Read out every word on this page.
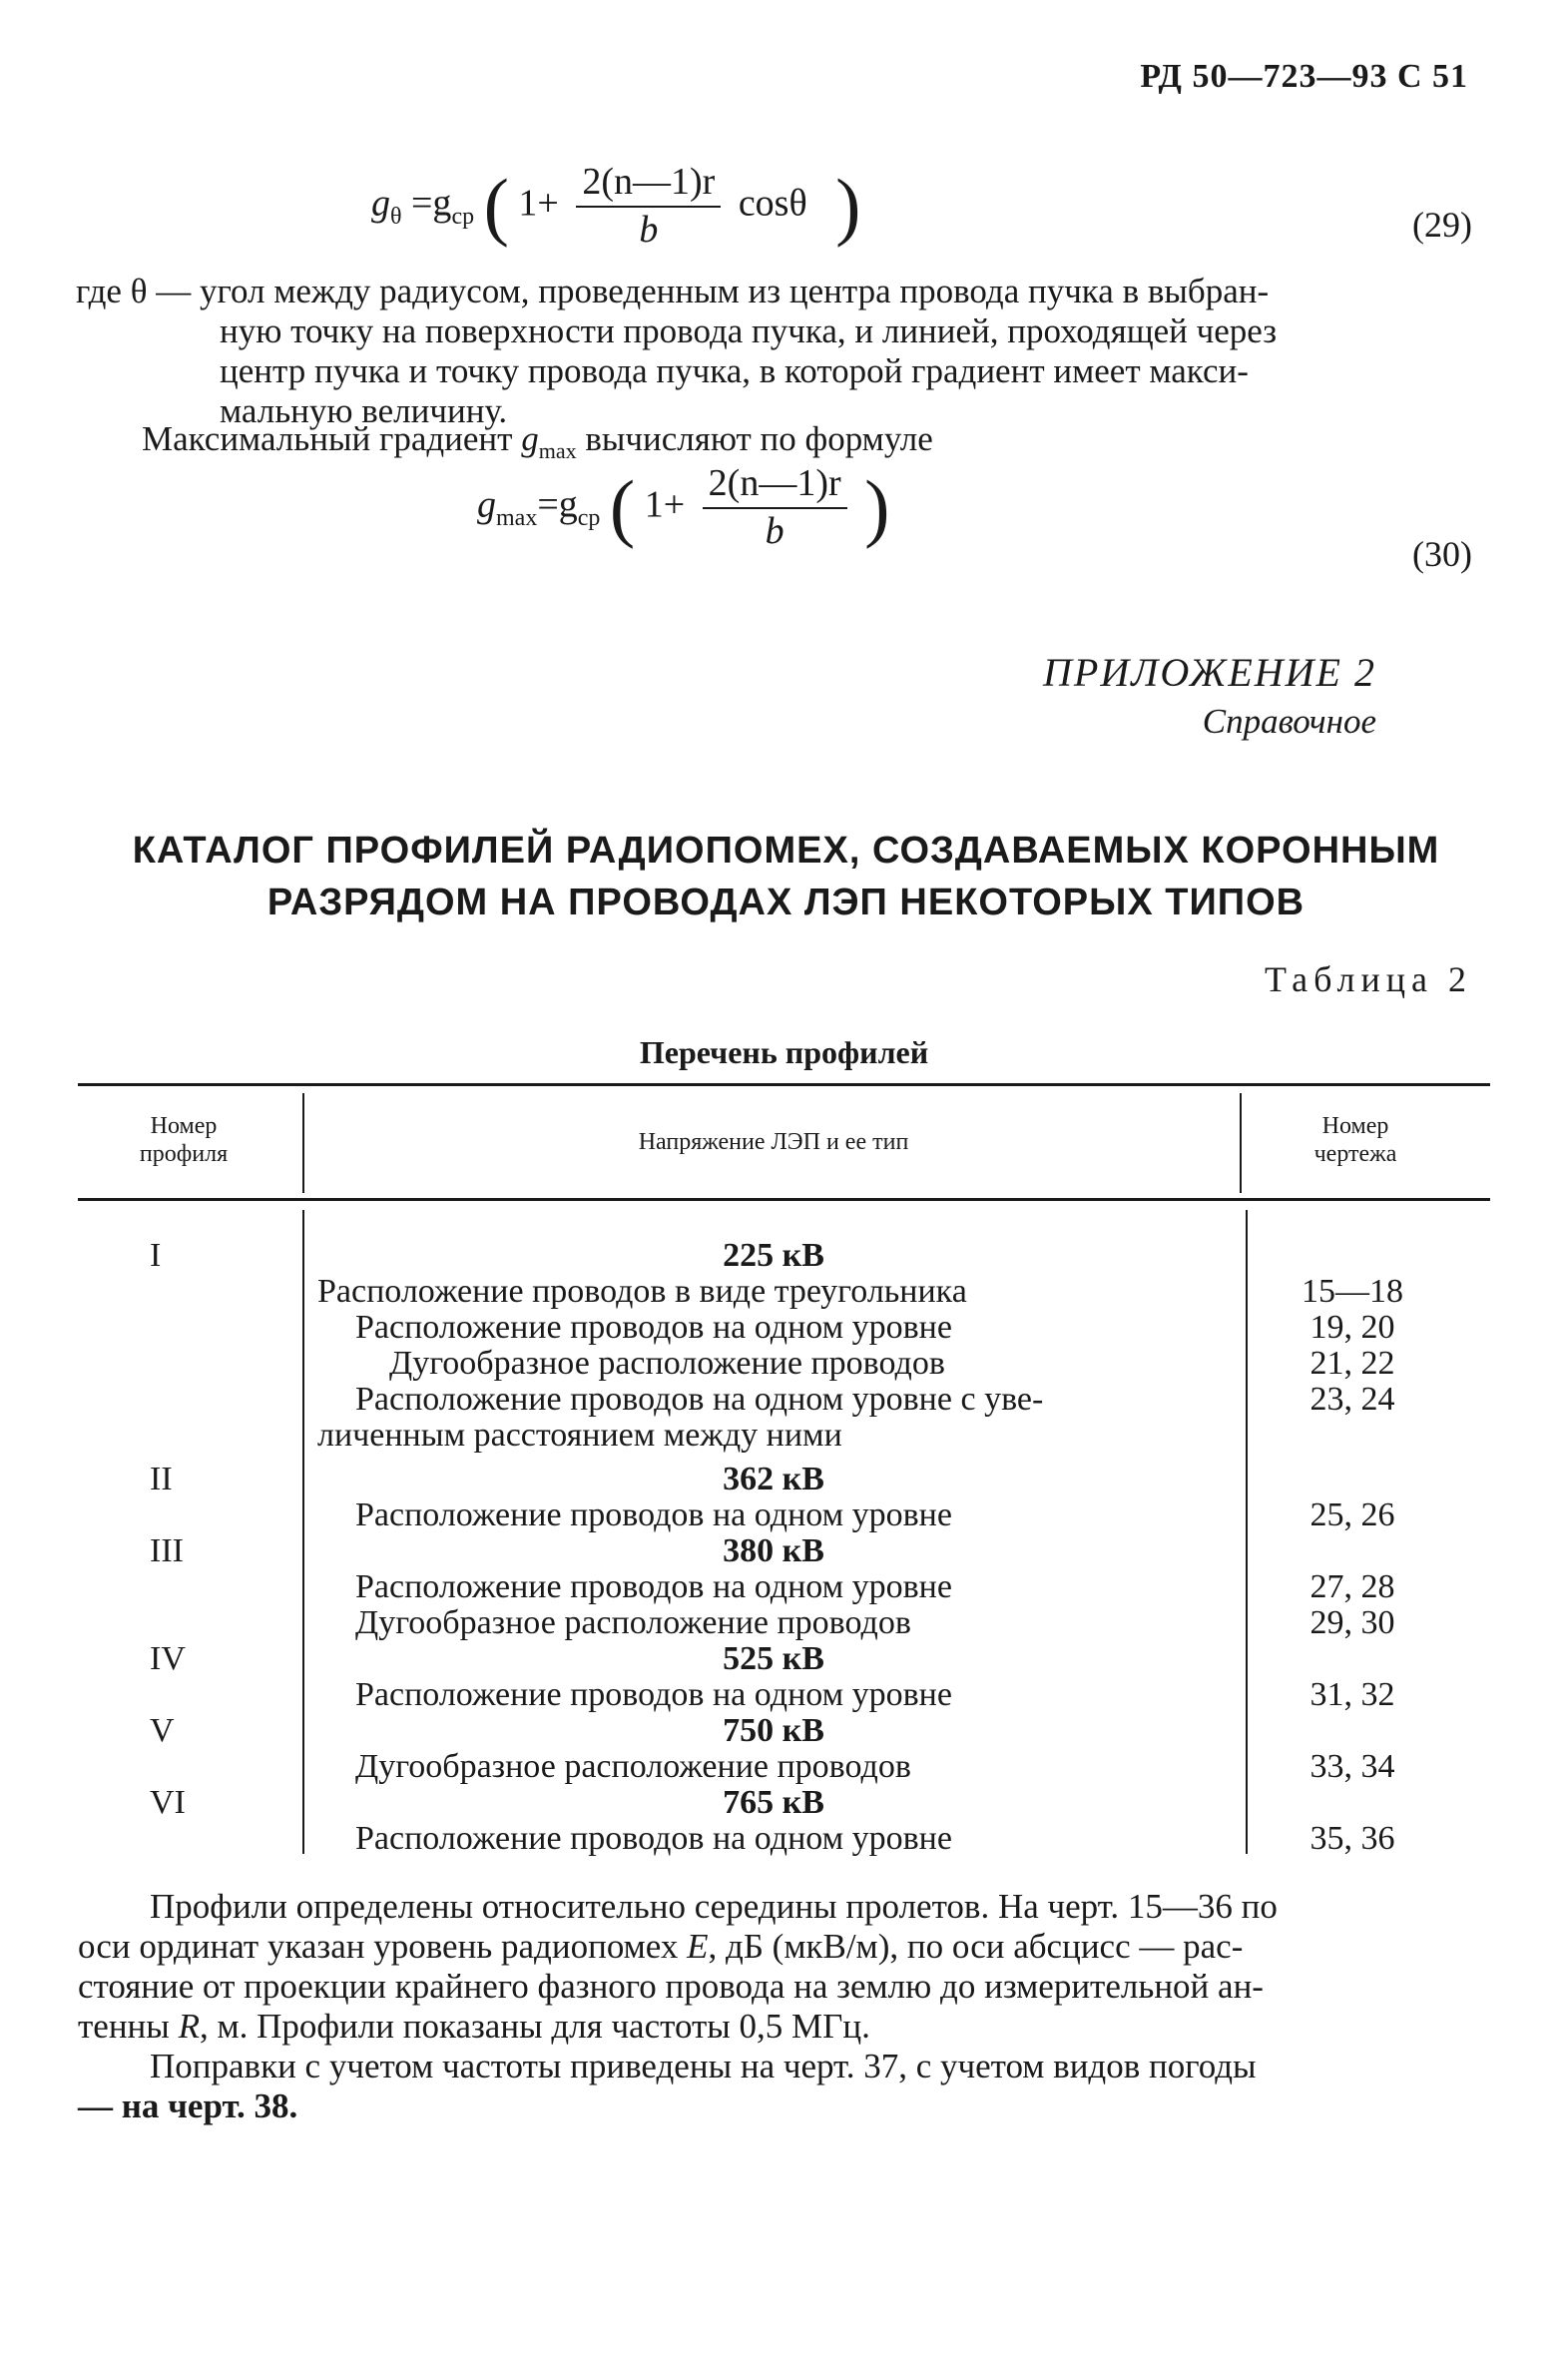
РД 50—723—93 С 51
$g_\theta =g_{ср}$ ( $1+ \frac{2(n—1)r}{b}$ cosθ )	(29)
где θ — угол между радиусом, проведенным из центра провода пучка в выбран-
ную точку на поверхности провода пучка, и линией, проходящей через
центр пучка и точку провода пучка, в которой градиент имеет макси-
мальную величину.
Максимальный градиент $g_{max}$ вычисляют по формуле
$g_{max}=g_{ср}$ ( $1+ \frac{2(n—1)r}{b}$ )
(30)
ПРИЛОЖЕНИЕ 2
Справочное
КАТАЛОГ ПРОФИЛЕЙ РАДИОПОМЕХ, СОЗДАВАЕМЫХ КОРОННЫМ
РАЗРЯДОМ НА ПРОВОДАХ ЛЭП НЕКОТОРЫХ ТИПОВ
Таблица 2
Перечень профилей
Номер
профиля	Напряжение ЛЭП и ее тип
Номер
чертежа
I
II
III
IV
V
VI
225 кВ
362 кВ
380 кВ
525 кВ
750 кВ
765 кВ
Расположение проводов в виде треугольника
Расположение проводов на одном уровне
Дугообразное расположение проводов
Расположение проводов на одном уровне с уве-
личенным расстоянием между ними
Расположение проводов на одном уровне
Расположение проводов на одном уровне
Дугообразное расположение проводов
Расположение проводов на одном уровне
Дугообразное расположение проводов
Расположение проводов на одном уровне
15—18
19, 20
21, 22
23, 24
25, 26
27, 28
29, 30
31, 32
33, 34
35, 36
Профили определены относительно середины пролетов. На черт. 15—36 по
оси ординат указан уровень радиопомех E, дБ (мкВ/м), по оси абсцисс — рас-
стояние от проекции крайнего фазного провода на землю до измерительной ан-
тенны R, м. Профили показаны для частоты 0,5 МГц.
Поправки с учетом частоты приведены на черт. 37, с учетом видов погоды
— на черт. 38.
